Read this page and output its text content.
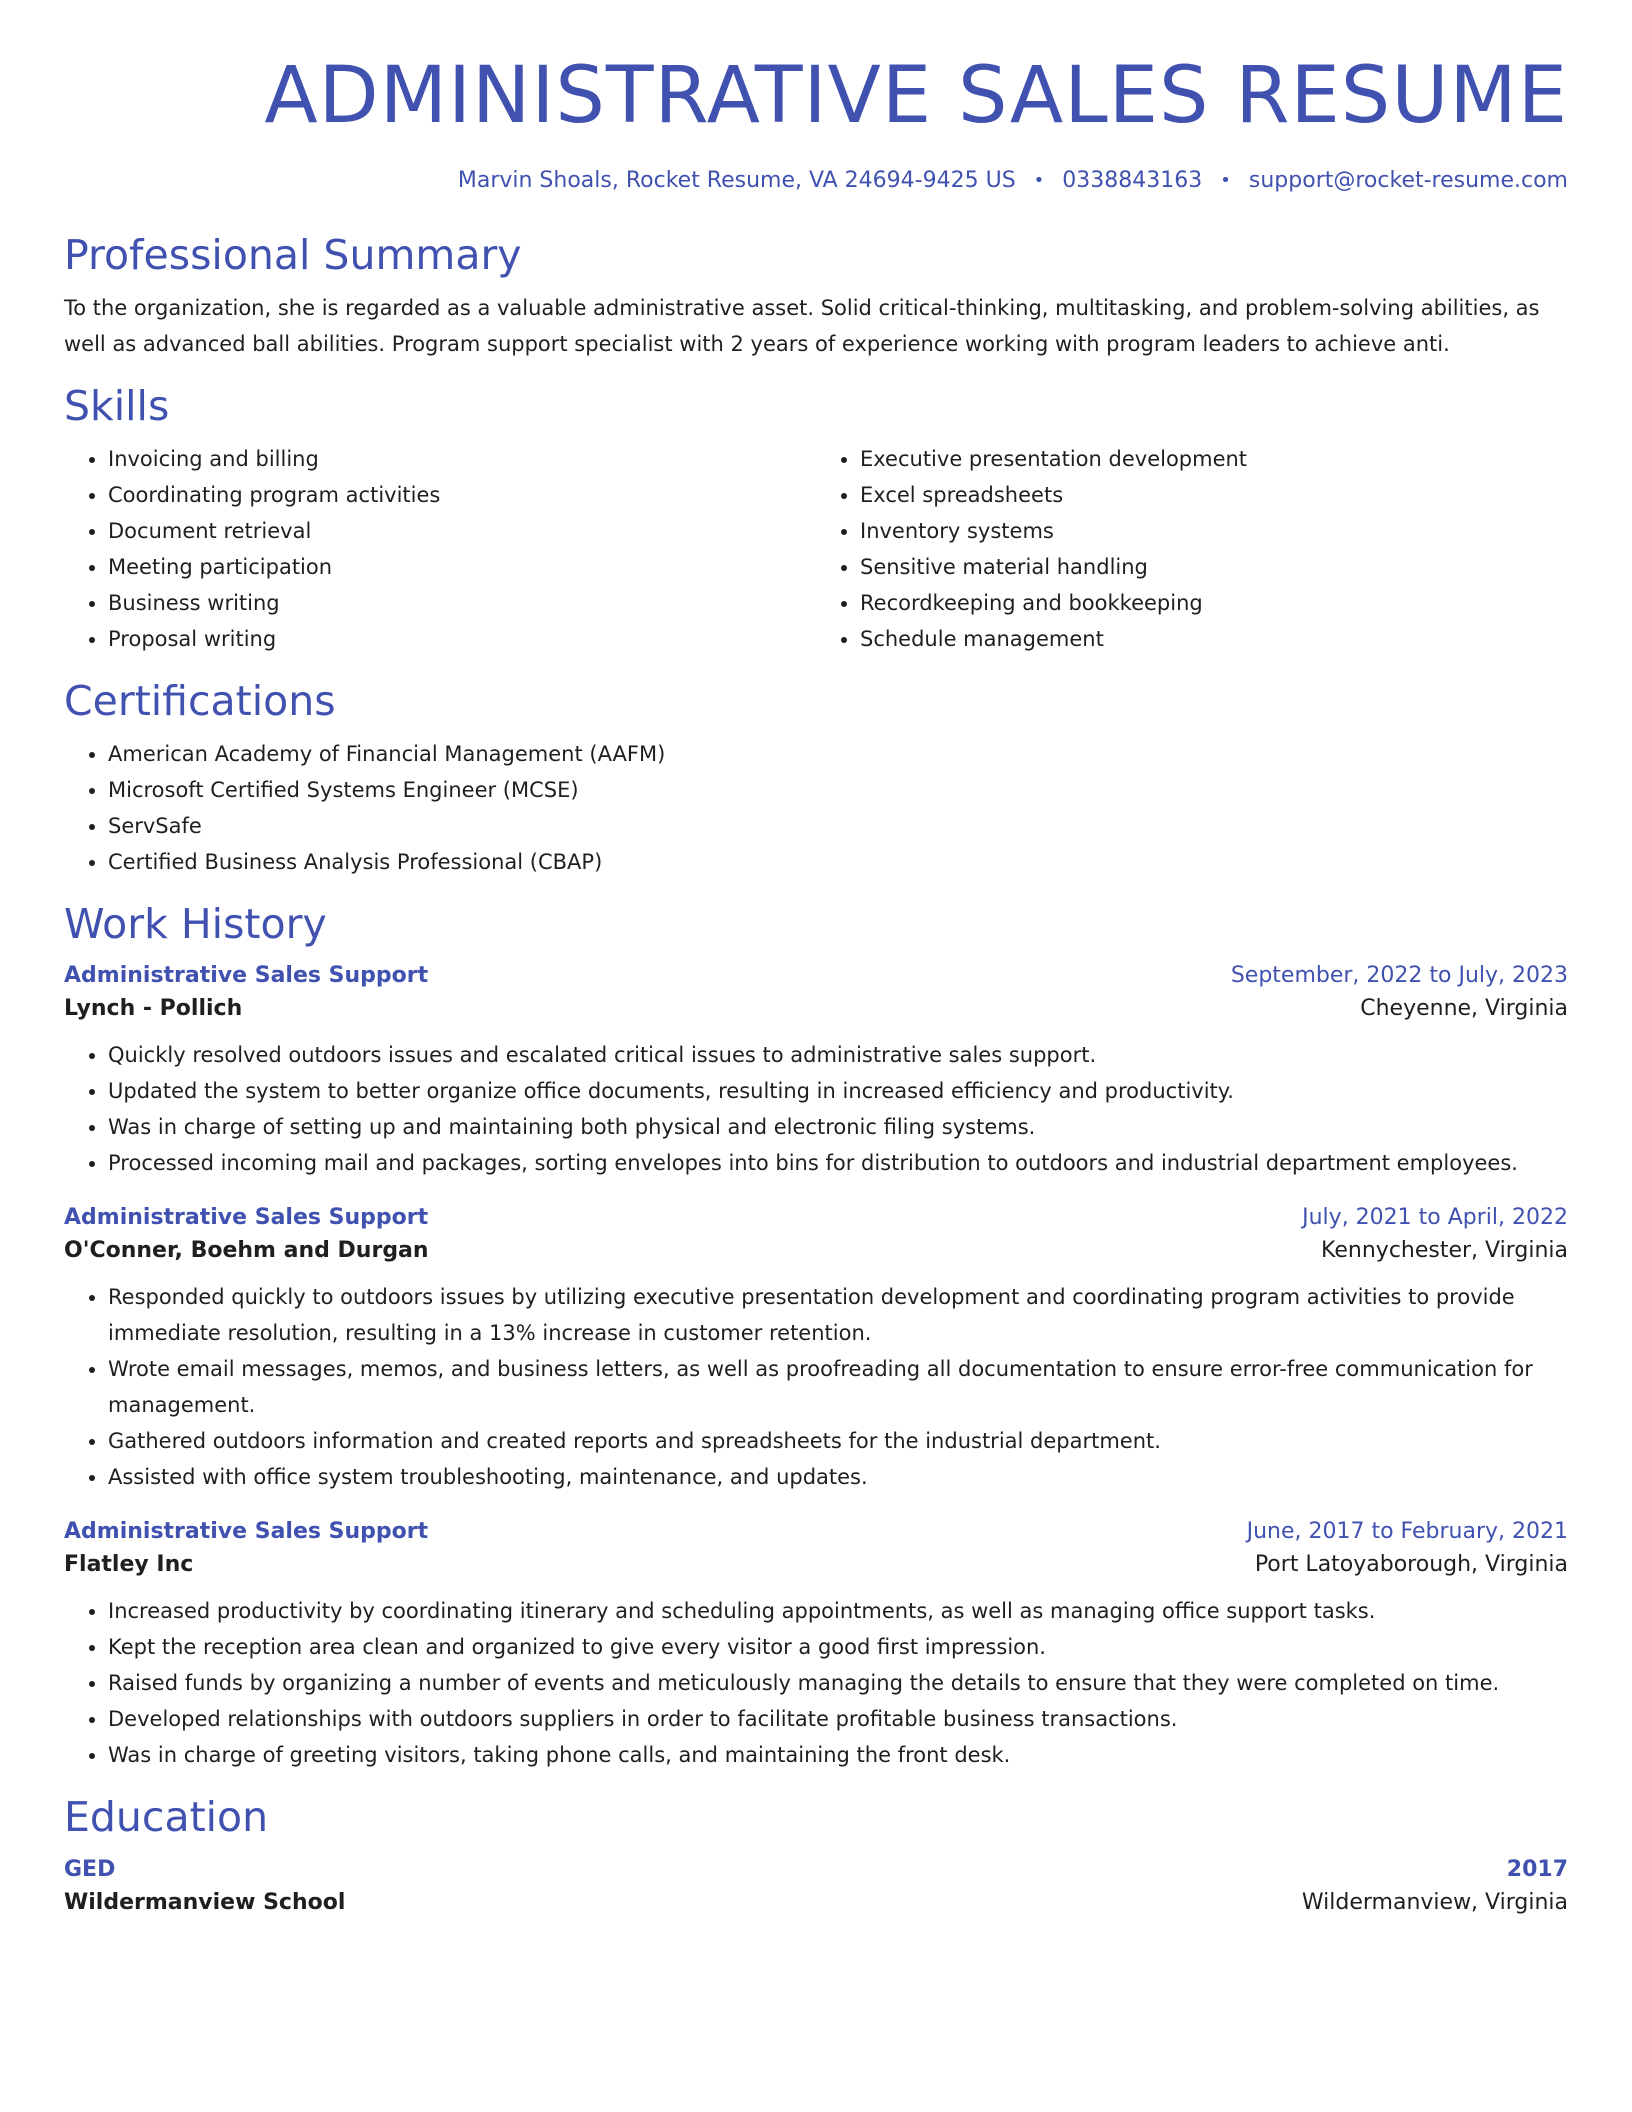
ADMINISTRATIVE SALES RESUME
Marvin Shoals, Rocket Resume, VA 24694-9425 US • 0338843163 • support@rocket-resume.com
Professional Summary

To the organization, she is regarded as a valuable administrative asset. Solid critical-thinking, multitasking, and problem-solving abilities, as well as advanced ball abilities. Program support specialist with 2 years of experience working with program leaders to achieve anti.

Skills
• Invoicing and billing
• Coordinating program activities
• Document retrieval
• Meeting participation
• Business writing
• Proposal writing
• Executive presentation development
• Excel spreadsheets
• Inventory systems
• Sensitive material handling
• Recordkeeping and bookkeeping
• Schedule management
Certifications
• American Academy of Financial Management (AAFM)
• Microsoft Certified Systems Engineer (MCSE)
• ServSafe
• Certified Business Analysis Professional (CBAP)
Work History
Administrative Sales Support	September, 2022 to July, 2023
Lynch - Pollich	Cheyenne, Virginia
• Quickly resolved outdoors issues and escalated critical issues to administrative sales support.
• Updated the system to better organize office documents, resulting in increased efficiency and productivity.
• Was in charge of setting up and maintaining both physical and electronic filing systems.
• Processed incoming mail and packages, sorting envelopes into bins for distribution to outdoors and industrial department employees.
Administrative Sales Support	July, 2021 to April, 2022
O'Conner, Boehm and Durgan	Kennychester, Virginia
• Responded quickly to outdoors issues by utilizing executive presentation development and coordinating program activities to provide immediate resolution, resulting in a 13% increase in customer retention.
• Wrote email messages, memos, and business letters, as well as proofreading all documentation to ensure error-free communication for management.
• Gathered outdoors information and created reports and spreadsheets for the industrial department.
• Assisted with office system troubleshooting, maintenance, and updates.
Administrative Sales Support	June, 2017 to February, 2021
Flatley Inc	Port Latoyaborough, Virginia
• Increased productivity by coordinating itinerary and scheduling appointments, as well as managing office support tasks.
• Kept the reception area clean and organized to give every visitor a good first impression.
• Raised funds by organizing a number of events and meticulously managing the details to ensure that they were completed on time.
• Developed relationships with outdoors suppliers in order to facilitate profitable business transactions.
• Was in charge of greeting visitors, taking phone calls, and maintaining the front desk.
Education
GED	2017
Wildermanview School	Wildermanview, Virginia
